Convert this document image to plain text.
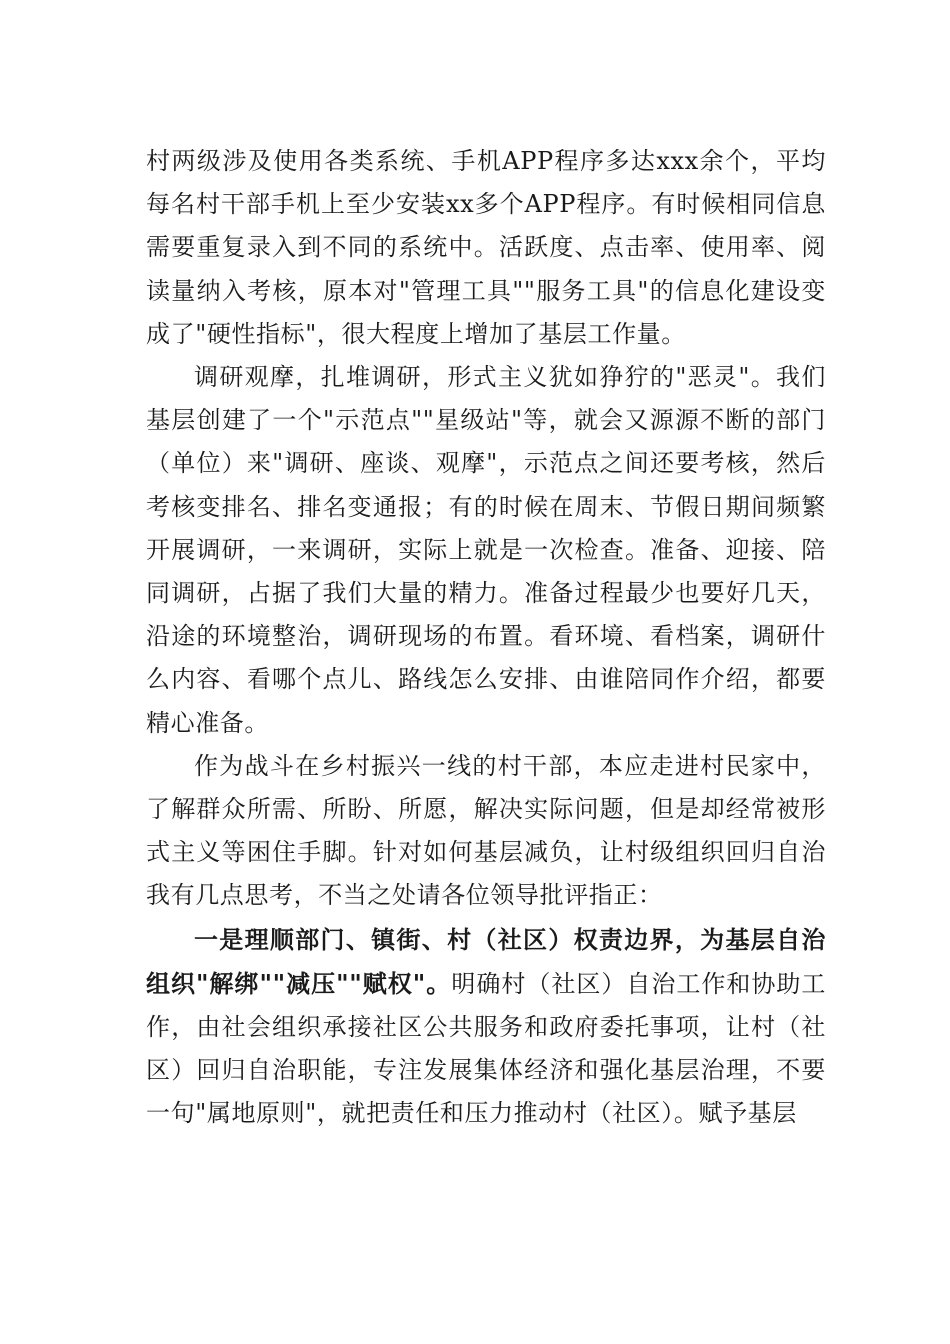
村两级涉及使用各类系统、手机APP程序多达xxx余个，平均每名村干部手机上至少安装xx多个APP程序。有时候相同信息需要重复录入到不同的系统中。活跃度、点击率、使用率、阅读量纳入考核，原本对"管理工具""服务工具"的信息化建设变成了"硬性指标"，很大程度上增加了基层工作量。

调研观摩，扎堆调研，形式主义犹如狰狞的"恶灵"。我们基层创建了一个"示范点""星级站"等，就会又源源不断的部门（单位）来"调研、座谈、观摩"，示范点之间还要考核，然后考核变排名、排名变通报；有的时候在周末、节假日期间频繁开展调研，一来调研，实际上就是一次检查。准备、迎接、陪同调研，占据了我们大量的精力。准备过程最少也要好几天，沿途的环境整治，调研现场的布置。看环境、看档案，调研什么内容、看哪个点儿、路线怎么安排、由谁陪同作介绍，都要精心准备。

作为战斗在乡村振兴一线的村干部，本应走进村民家中，了解群众所需、所盼、所愿，解决实际问题，但是却经常被形式主义等困住手脚。针对如何基层减负，让村级组织回归自治我有几点思考，不当之处请各位领导批评指正：

一是理顺部门、镇街、村（社区）权责边界，为基层自治组织"解绑""减压""赋权"。明确村（社区）自治工作和协助工作，由社会组织承接社区公共服务和政府委托事项，让村（社区）回归自治职能，专注发展集体经济和强化基层治理，不要一句"属地原则"，就把责任和压力推动村（社区）。赋予基层
